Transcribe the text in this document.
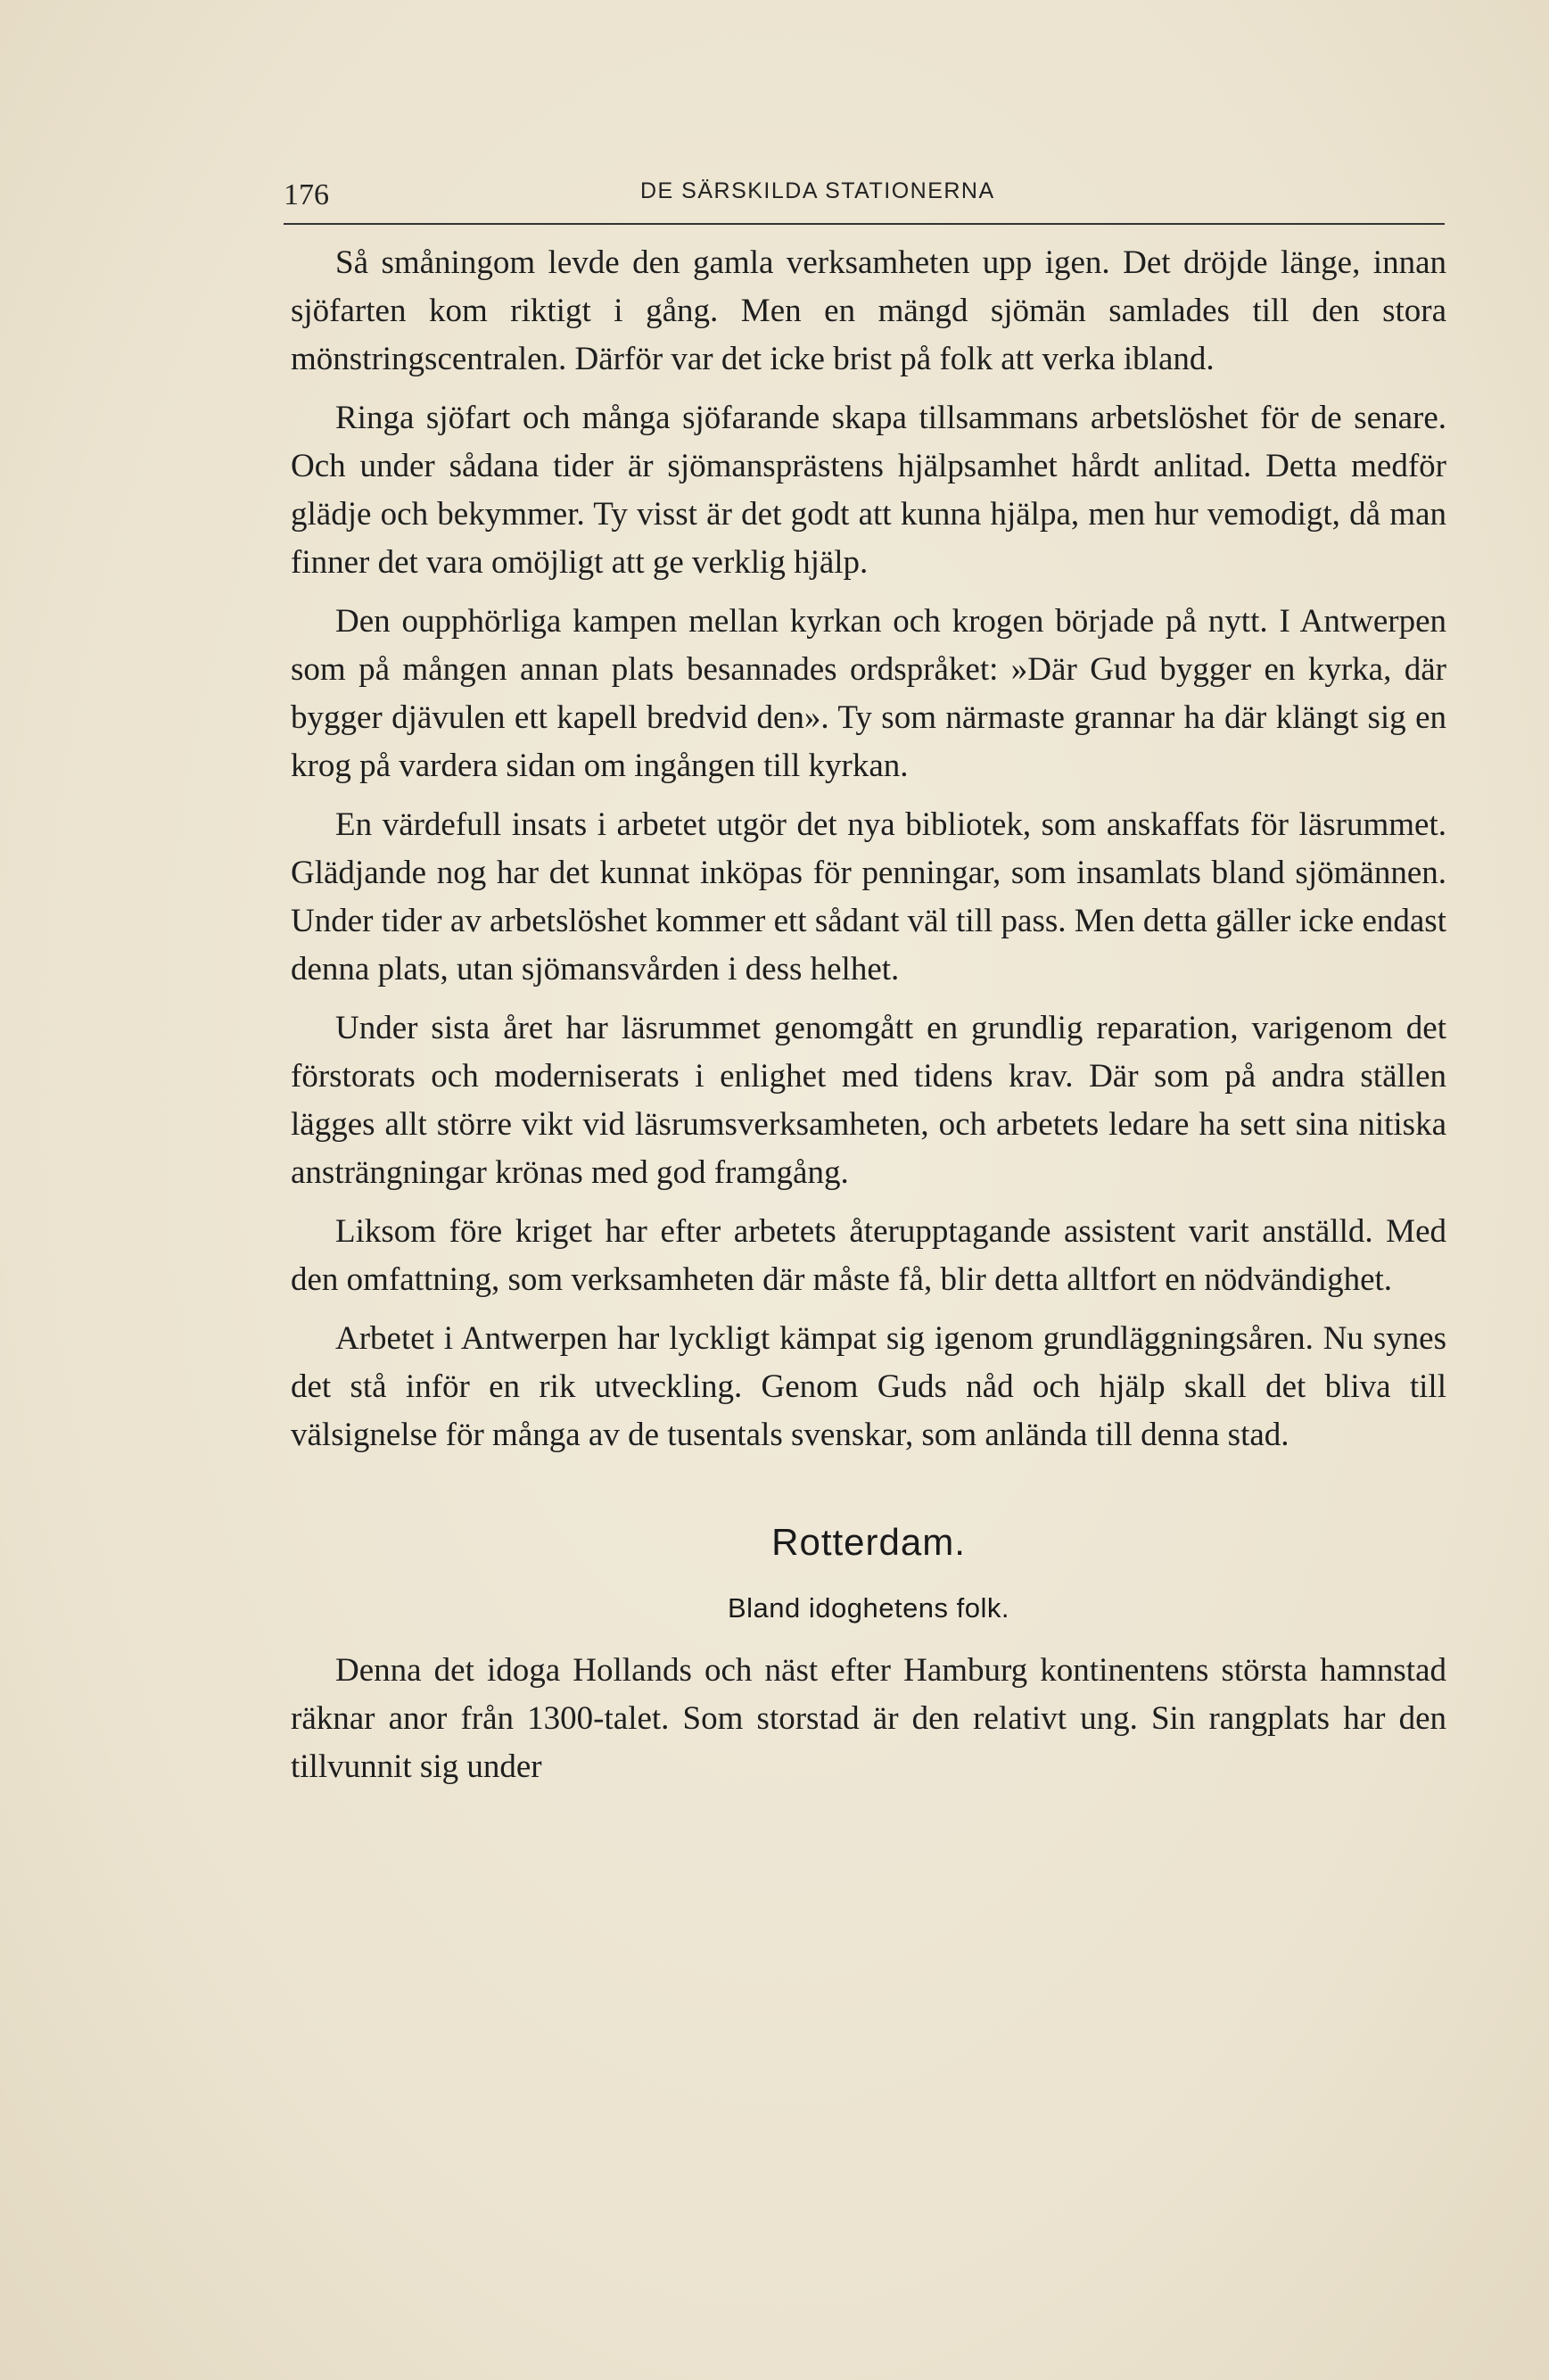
176	DE SÄRSKILDA STATIONERNA

Så småningom levde den gamla verksamheten upp igen. Det dröjde länge, innan sjöfarten kom riktigt i gång. Men en mängd sjömän samlades till den stora mönstringscentralen. Därför var det icke brist på folk att verka ibland.

Ringa sjöfart och många sjöfarande skapa tillsammans arbetslöshet för de senare. Och under sådana tider är sjömansprästens hjälpsamhet hårdt anlitad. Detta medför glädje och bekymmer. Ty visst är det godt att kunna hjälpa, men hur vemodigt, då man finner det vara omöjligt att ge verklig hjälp.

Den oupphörliga kampen mellan kyrkan och krogen började på nytt. I Antwerpen som på mången annan plats besannades ordspråket: »Där Gud bygger en kyrka, där bygger djävulen ett kapell bredvid den». Ty som närmaste grannar ha där klängt sig en krog på vardera sidan om ingången till kyrkan.

En värdefull insats i arbetet utgör det nya bibliotek, som anskaffats för läsrummet. Glädjande nog har det kunnat inköpas för penningar, som insamlats bland sjömännen. Under tider av arbetslöshet kommer ett sådant väl till pass. Men detta gäller icke endast denna plats, utan sjömansvården i dess helhet.

Under sista året har läsrummet genomgått en grundlig reparation, varigenom det förstorats och moderniserats i enlighet med tidens krav. Där som på andra ställen lägges allt större vikt vid läsrumsverksamheten, och arbetets ledare ha sett sina nitiska ansträngningar krönas med god framgång.

Liksom före kriget har efter arbetets återupptagande assistent varit anställd. Med den omfattning, som verksamheten där måste få, blir detta alltfort en nödvändighet.

Arbetet i Antwerpen har lyckligt kämpat sig igenom grundläggningsåren. Nu synes det stå inför en rik utveckling. Genom Guds nåd och hjälp skall det bliva till välsignelse för många av de tusentals svenskar, som anlända till denna stad.

Rotterdam.
Bland idoghetens folk.

Denna det idoga Hollands och näst efter Hamburg kontinentens största hamnstad räknar anor från 1300-talet. Som storstad är den relativt ung. Sin rangplats har den tillvunnit sig under
